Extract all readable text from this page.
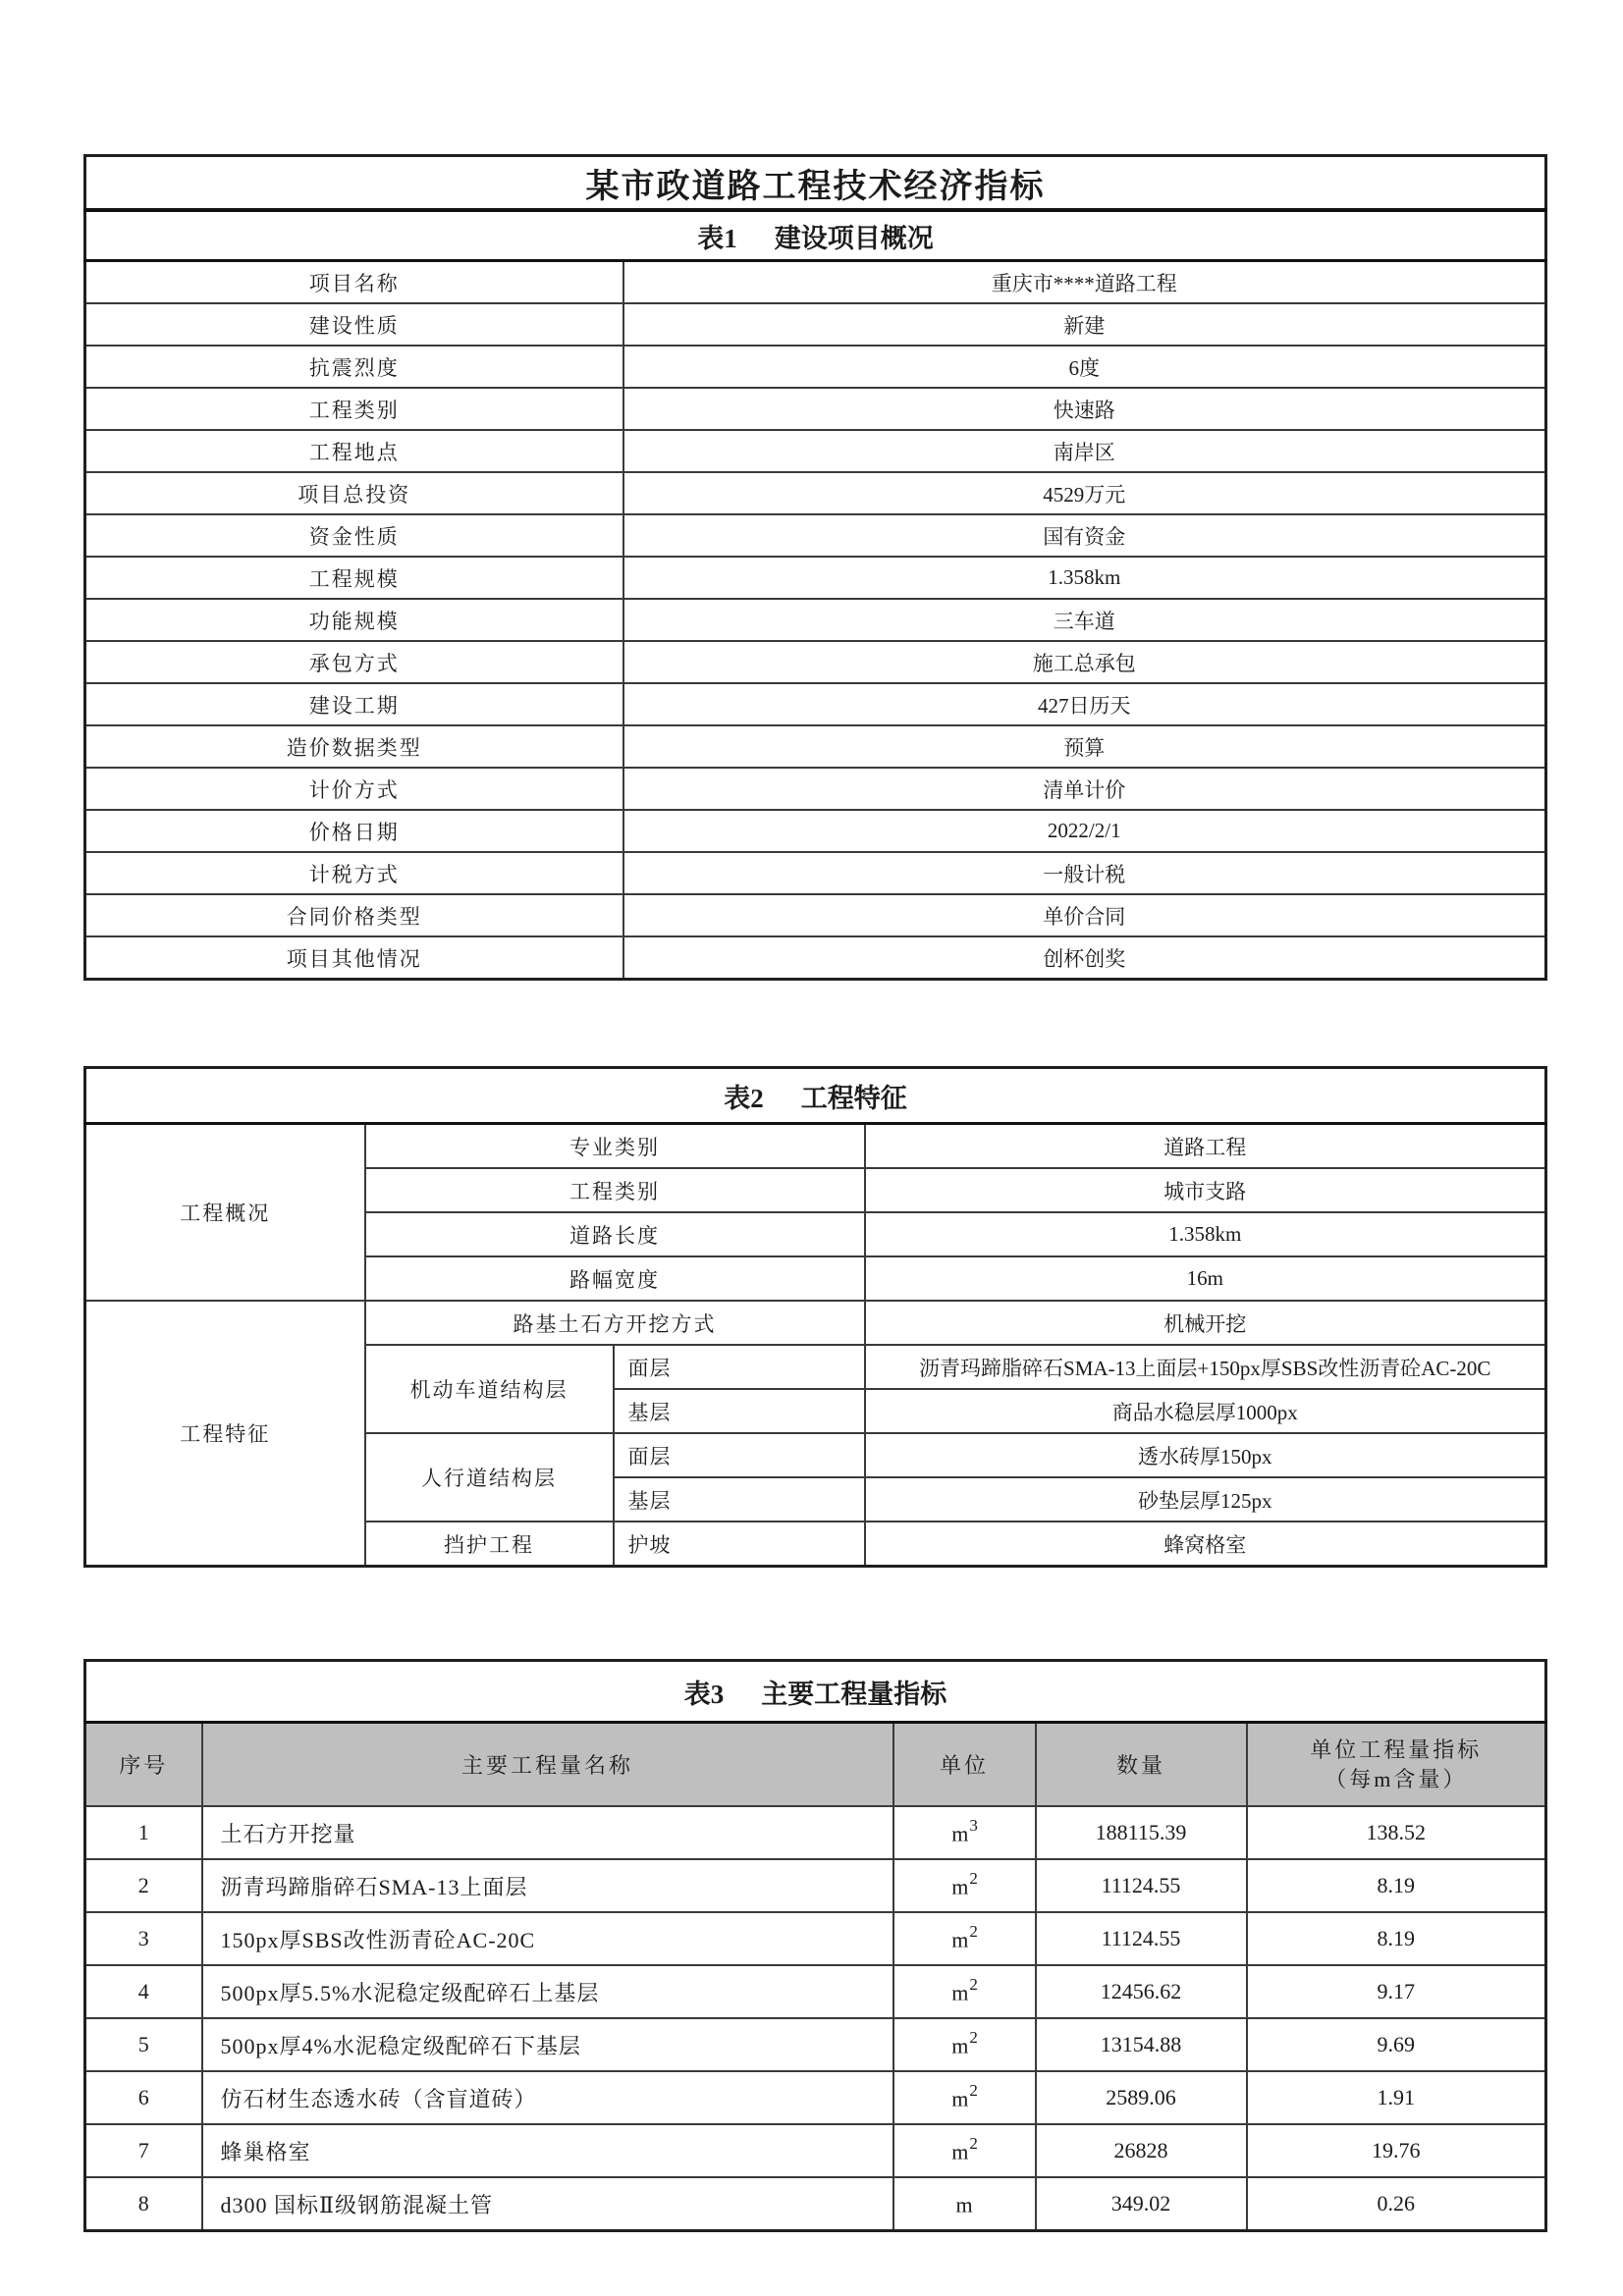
某市政道路工程技术经济指标	
表1 建设项目概况	
项目名称	重庆市****道路工程
建设性质	新建
抗震烈度	6度
工程类别	快速路
工程地点	南岸区
项目总投资	4529万元
资金性质	国有资金
工程规模	1.358km
功能规模	三车道
承包方式	施工总承包
建设工期	427日历天
造价数据类型	预算
计价方式	清单计价
价格日期	2022/2/1
计税方式	一般计税
合同价格类型	单价合同
项目其他情况	创杯创奖
表2 工程特征			
工程概况	专业类别		道路工程
	工程类别		城市支路
	道路长度		1.358km
	路幅宽度		16m
工程特征	路基土石方开挖方式		机械开挖
	机动车道结构层	面层	沥青玛蹄脂碎石SMA-13上面层+150px厚SBS改性沥青砼AC-20C
		基层	商品水稳层厚1000px
	人行道结构层	面层	透水砖厚150px
		基层	砂垫层厚125px
	挡护工程	护坡	蜂窝格室
表3 主要工程量指标				
序号	主要工程量名称	单位	数量	单位工程量指标
（每m含量）

1	土石方开挖量	$m^3$	188115.39	138.52
2	沥青玛蹄脂碎石SMA-13上面层	$m^2$	11124.55	8.19
3	150px厚SBS改性沥青砼AC-20C	$m^2$	11124.55	8.19
4	500px厚5.5%水泥稳定级配碎石上基层	$m^2$	12456.62	9.17
5	500px厚4%水泥稳定级配碎石下基层	$m^2$	13154.88	9.69
6	仿石材生态透水砖（含盲道砖）	$m^2$	2589.06	1.91
7	蜂巢格室	$m^2$	26828	19.76
8	d300 国标Ⅱ级钢筋混凝土管	m	349.02	0.26
